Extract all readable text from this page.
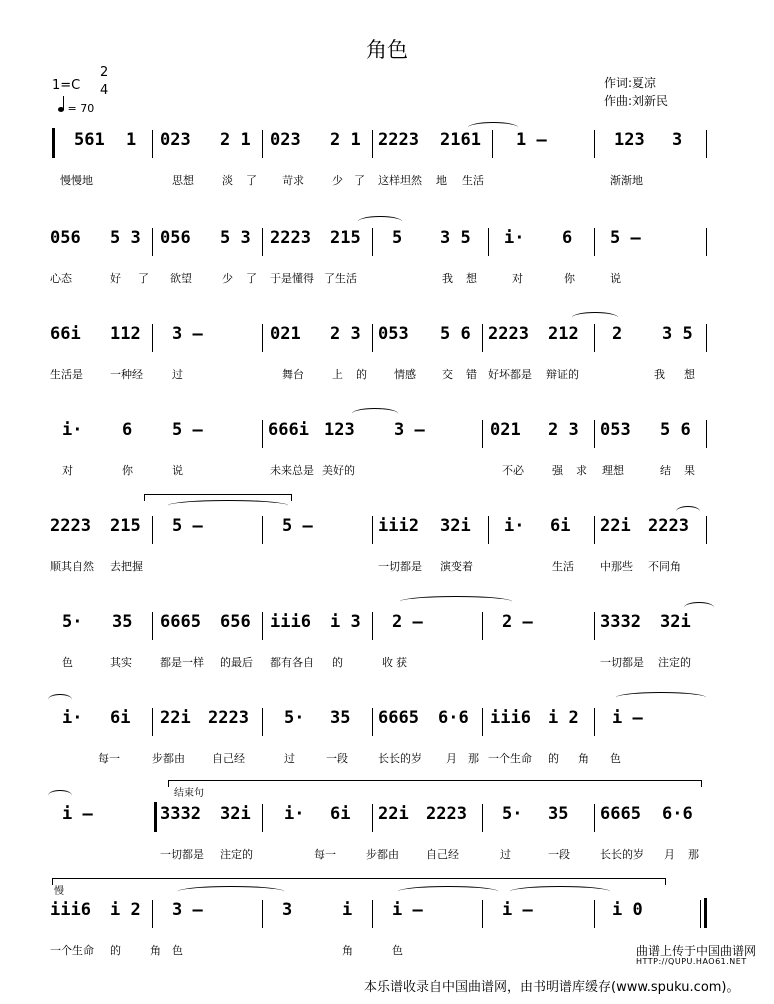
角色
1=C
2
4
= 70
作词:夏凉
作曲:刘新民
561 1 023 2 1 023 2 1 2223 2161 1 –	123 3
慢慢地	思想	淡 了 苛求	少 了 这样坦然 地 生活	渐渐地
056 5 3 056 5 3 2223 215 5 3 5 i· 6 5 –
心态	好 了 欲望	少 了 于是懂得 了生活	我 想	对	你	说
66i 112 3 –	021 2 3 053 5 6 2223 212 2 3 5
生活是 一种经	过	舞台	上 的 情感 交 错 好坏都是 辩证的	我 想
i· 6 5 –	666i 123 3 –	021 2 3 053 5 6
对	你	说	未来总是 美好的	不必	强 求 理想	结 果
2223 215 5 –	5 –	iii2 32i i· 6i 22i 2223
顺其自然 去把握	一切都是 演变着	生活 中那些 不同角
5· 35 6665 656 iii6 i 3 2 –	2 –	3332 32i
色	其实	都是一样 的最后 都有各自 的	收 获	一切都是 注定的
i· 6i 22i 2223 5· 35 6665 6·6 iii6 i 2 i –
每一	步都由 自己经	过	一段	长长的岁 月 那 一个生命 的 角 色
结束句
i –	3332 32i i· 6i 22i 2223 5· 35 6665 6·6
一切都是 注定的	每一	步都由 自己经	过	一段	长长的岁 月 那
慢
iii6 i 2 3 –	3	i i –	i –	i 0
一个生命 的	角 色	角	色	曲谱上传于中国曲谱网
HTTP://QUPU.HAO61.NET
本乐谱收录自中国曲谱网，由书明谱库缓存(www.spuku.com)。
